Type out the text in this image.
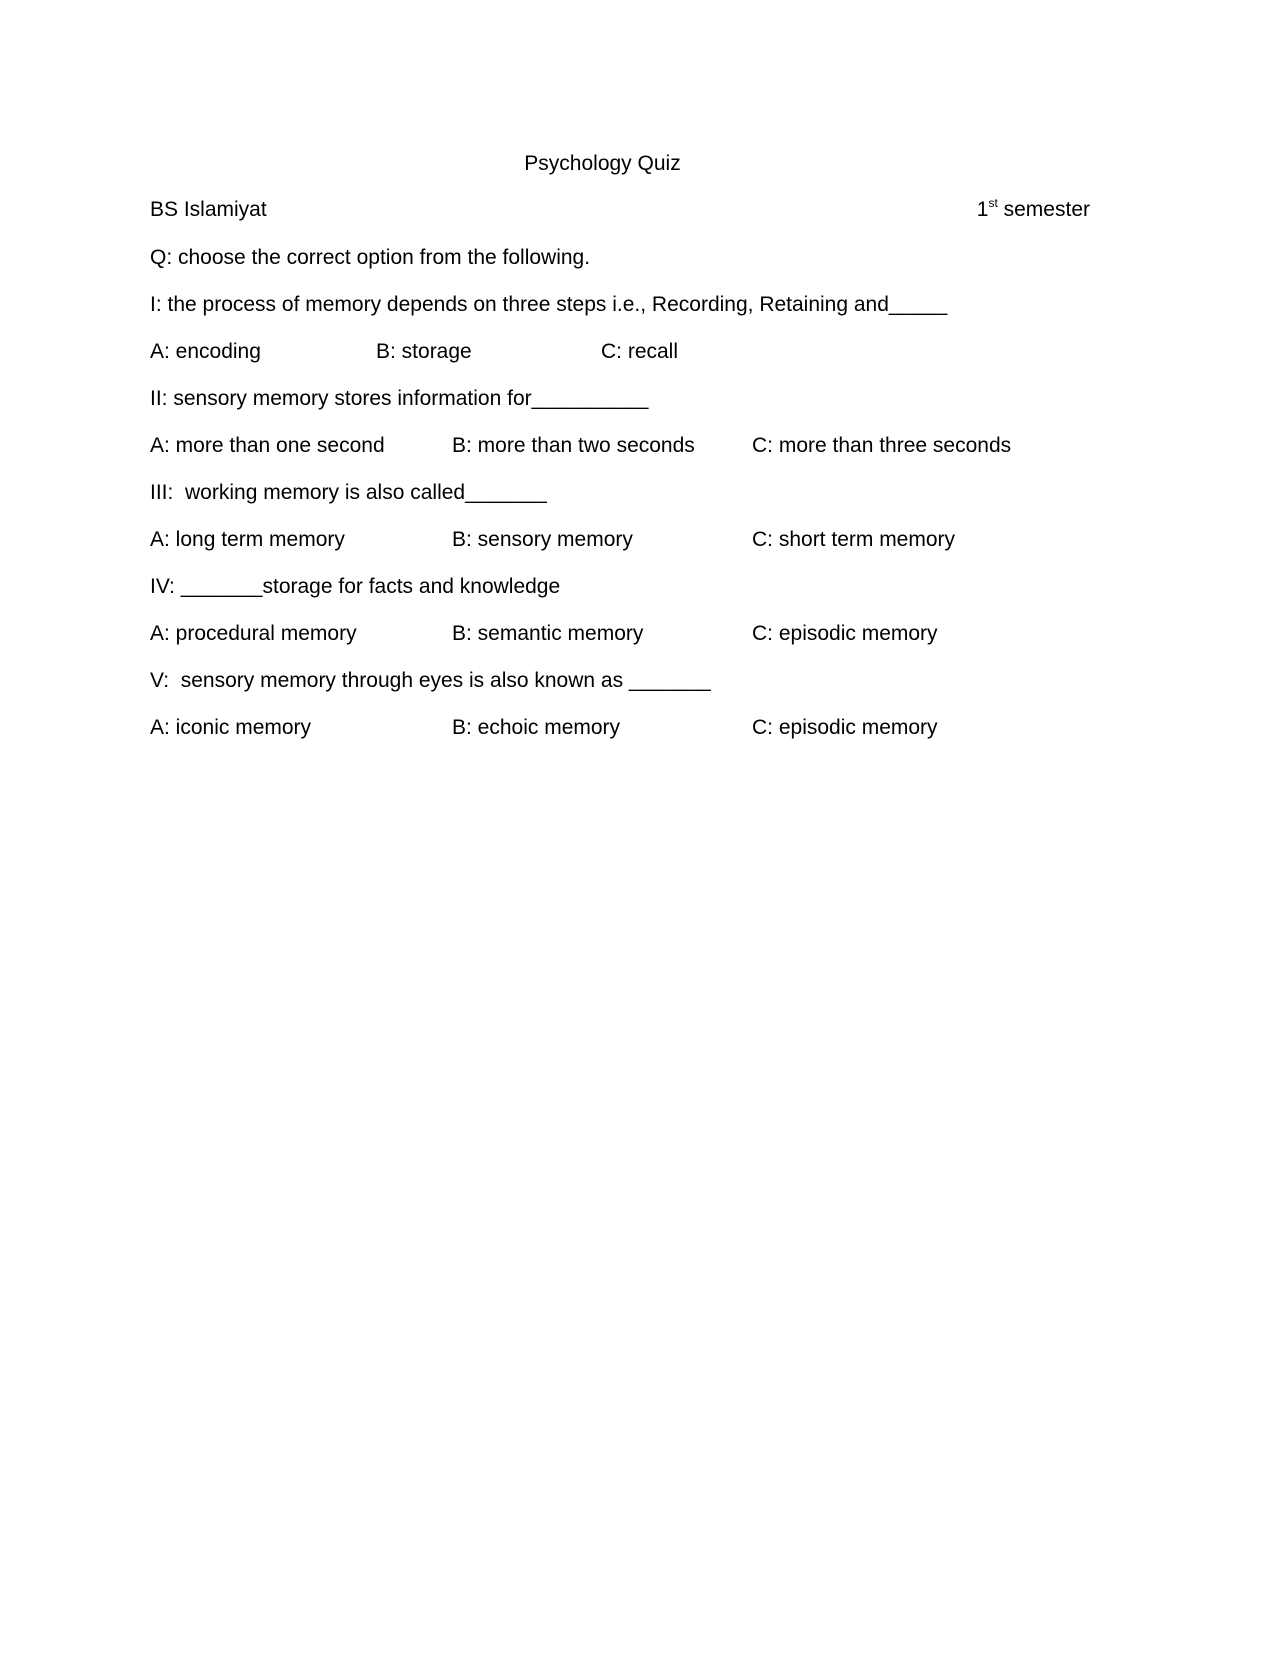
Psychology Quiz
BS Islamiyat	1st semester
Q: choose the correct option from the following.
I: the process of memory depends on three steps i.e., Recording, Retaining and_____
A: encoding	B: storage	C: recall
II: sensory memory stores information for__________
A: more than one second	B: more than two seconds	C: more than three seconds
III:  working memory is also called_______
A: long term memory	B: sensory memory	C: short term memory
IV: _______storage for facts and knowledge
A: procedural memory	B: semantic memory	C: episodic memory
V:  sensory memory through eyes is also known as _______
A: iconic memory	B: echoic memory	C: episodic memory
